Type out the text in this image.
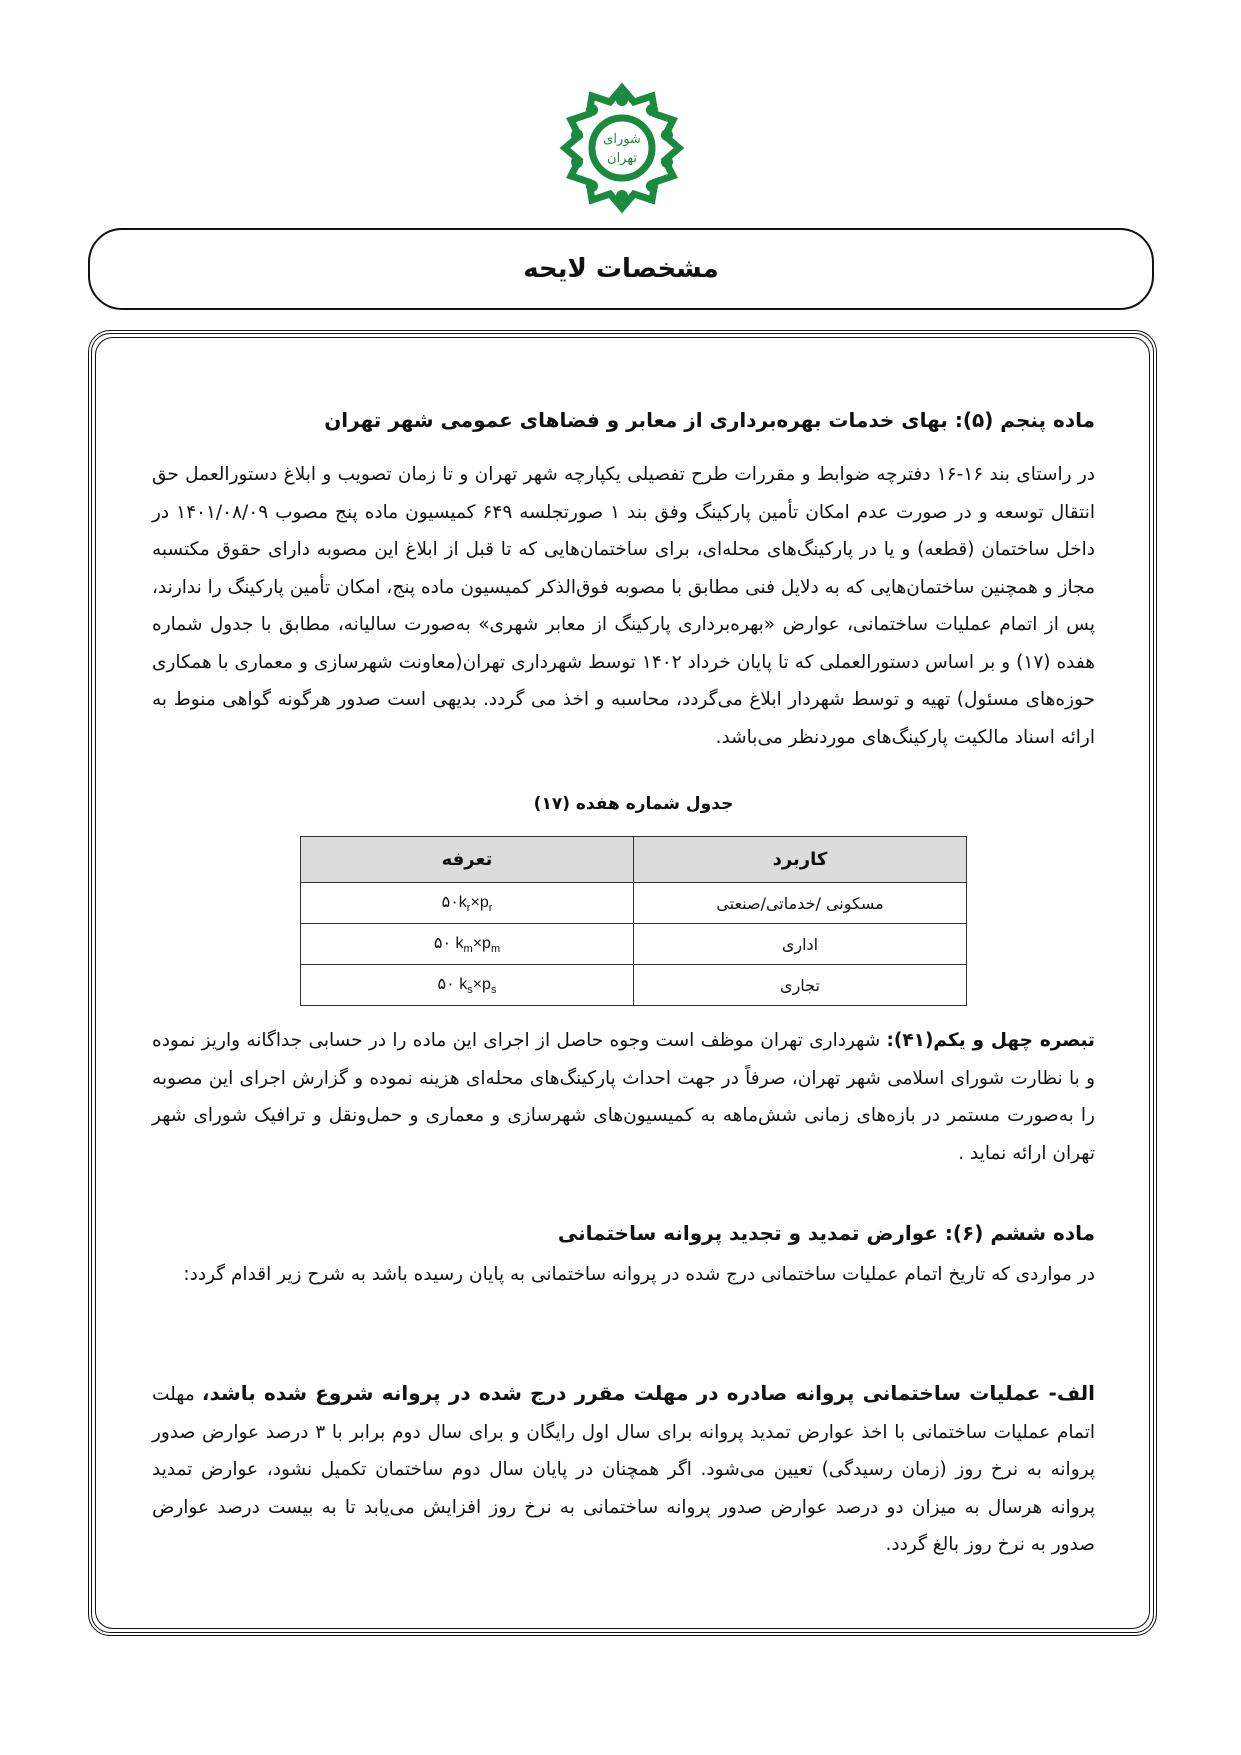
شورای
تهران
مشخصات لایحه

ماده پنجم (۵): بهای خدمات بهره‌برداری از معابر و فضاهای عمومی شهر تهران

در راستای بند ۱۶-۱۶ دفترچه ضوابط و مقررات طرح تفصیلی یکپارچه شهر تهران و تا زمان تصویب و ابلاغ دستورالعمل حق انتقال توسعه و در صورت عدم امکان تأمین پارکینگ وفق بند ۱ صورتجلسه ۶۴۹ کمیسیون ماده پنج مصوب ۱۴۰۱/۰۸/۰۹ در داخل ساختمان (قطعه) و یا در پارکینگ‌های محله‌ای، برای ساختمان‌هایی که تا قبل از ابلاغ این مصوبه دارای حقوق مکتسبه مجاز و همچنین ساختمان‌هایی که به دلایل فنی مطابق با مصوبه فوق‌الذکر کمیسیون ماده پنج، امکان تأمین پارکینگ را ندارند، پس از اتمام عملیات ساختمانی، عوارض «بهره‌برداری پارکینگ از معابر شهری» به‌صورت سالیانه، مطابق با جدول شماره هفده (۱۷) و بر اساس دستورالعملی که تا پایان خرداد ۱۴۰۲ توسط شهرداری تهران(معاونت شهرسازی و معماری با همکاری حوزه‌های مسئول) تهیه و توسط شهردار ابلاغ می‌گردد، محاسبه و اخذ می گردد. بدیهی است صدور هرگونه گواهی منوط به ارائه اسناد مالکیت پارکینگ‌های مورد‌نظر می‌باشد.

جدول شماره هفده (۱۷)
کاربرد	تعرفه
مسکونی /خدماتی/صنعتی	$۵۰k_r\times p_r$
اداری	۵۰ $k_m\times p_m$
تجاری	۵۰ $k_s\times p_s$

تبصره چهل و یکم(۴۱): شهرداری تهران موظف است وجوه حاصل از اجرای این ماده را در حسابی جداگانه واریز نموده و با نظارت شورای اسلامی شهر تهران، صرفاً در جهت احداث پارکینگ‌های محله‌ای هزینه نموده و گزارش اجرای این مصوبه را به‌صورت مستمر در بازه‌های زمانی شش‌ماهه به کمیسیون‌های شهرسازی و معماری و حمل‌ونقل و ترافیک شورای شهر تهران ارائه نماید .

ماده ششم (۶): عوارض تمدید و تجدید پروانه ساختمانی

در مواردی که تاریخ اتمام عملیات ساختمانی درج شده در پروانه ساختمانی به پایان رسیده باشد به شرح زیر اقدام گردد:

الف- عملیات ساختمانی پروانه صادره در مهلت مقرر درج شده در پروانه شروع شده باشد، مهلت اتمام عملیات ساختمانی با اخذ عوارض تمدید پروانه برای سال اول رایگان و برای سال دوم برابر با ۳ درصد عوارض صدور پروانه به نرخ روز (زمان رسیدگی) تعیین می‌شود. اگر همچنان در پایان سال دوم ساختمان تکمیل نشود، عوارض تمدید پروانه هرسال به میزان دو درصد عوارض صدور پروانه ساختمانی به نرخ روز افزایش می‌یابد تا به بیست درصد عوارض صدور به نرخ روز بالغ گردد.
